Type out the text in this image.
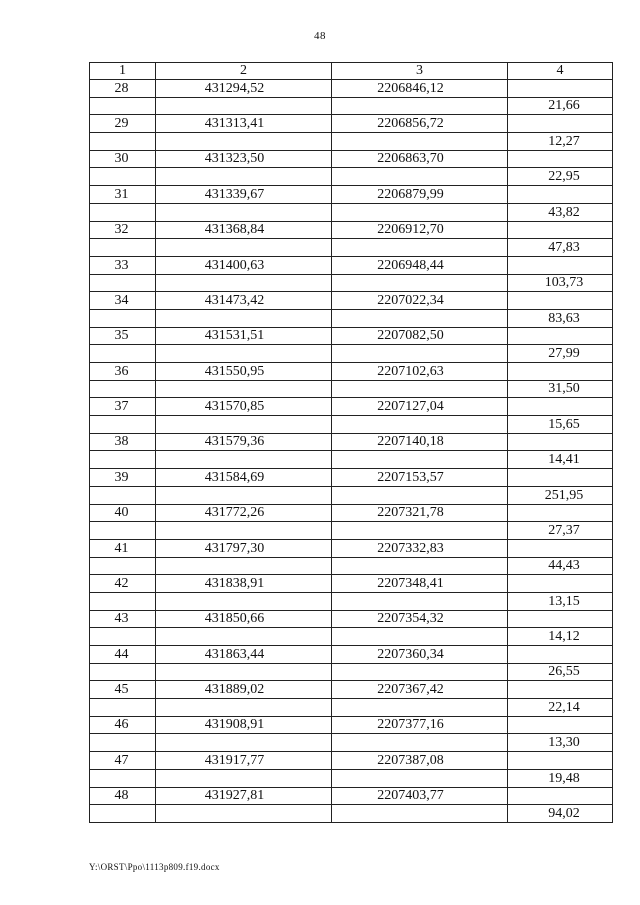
48
1	2	3	4
28	431294,52	2206846,12	
			21,66
29	431313,41	2206856,72	
			12,27
30	431323,50	2206863,70	
			22,95
31	431339,67	2206879,99	
			43,82
32	431368,84	2206912,70	
			47,83
33	431400,63	2206948,44	
			103,73
34	431473,42	2207022,34	
			83,63
35	431531,51	2207082,50	
			27,99
36	431550,95	2207102,63	
			31,50
37	431570,85	2207127,04	
			15,65
38	431579,36	2207140,18	
			14,41
39	431584,69	2207153,57	
			251,95
40	431772,26	2207321,78	
			27,37
41	431797,30	2207332,83	
			44,43
42	431838,91	2207348,41	
			13,15
43	431850,66	2207354,32	
			14,12
44	431863,44	2207360,34	
			26,55
45	431889,02	2207367,42	
			22,14
46	431908,91	2207377,16	
			13,30
47	431917,77	2207387,08	
			19,48
48	431927,81	2207403,77	
			94,02
Y:\ORST\Ppo\1113p809.f19.docx
